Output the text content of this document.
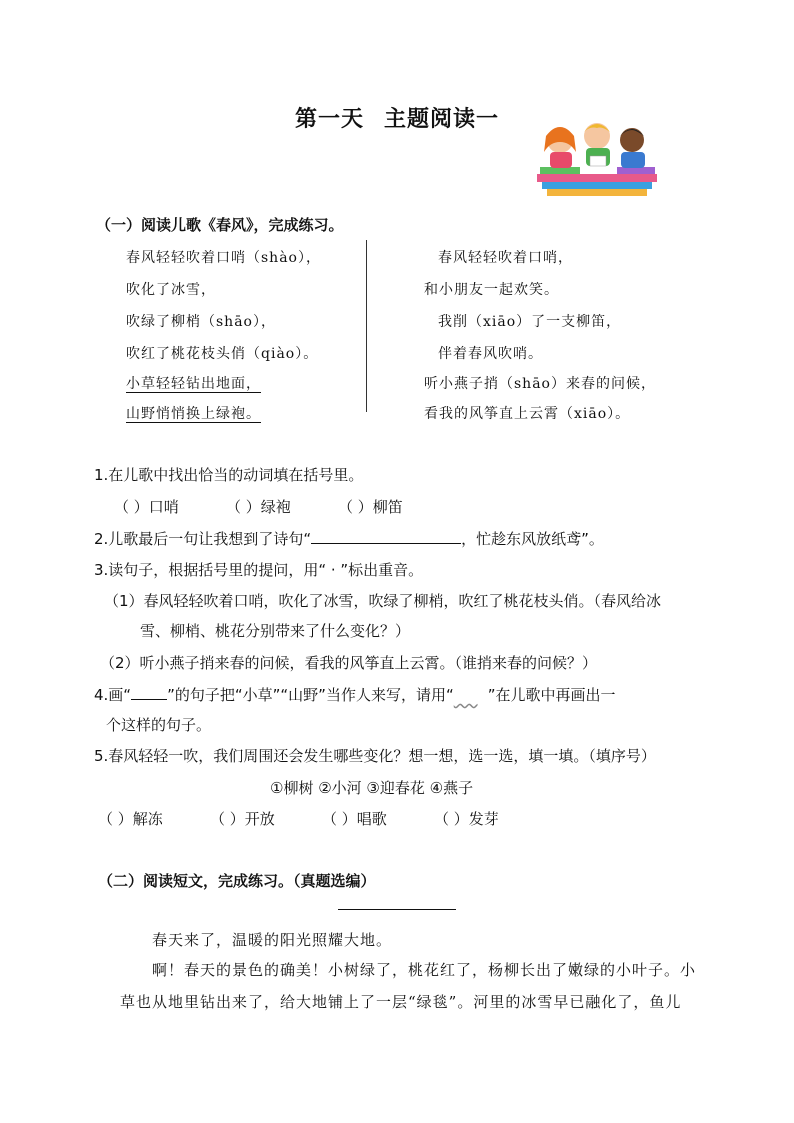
第一天 主题阅读一
（一）阅读儿歌《春风》，完成练习。
春风轻轻吹着口哨（shào），
吹化了冰雪，
吹绿了柳梢（shāo），
吹红了桃花枝头俏（qiào）。
小草轻轻钻出地面，
山野悄悄换上绿袍。
春风轻轻吹着口哨，
和小朋友一起欢笑。
我削（xiāo）了一支柳笛，
伴着春风吹哨。
听小燕子捎（shāo）来春的问候，
看我的风筝直上云霄（xiāo）。
1.在儿歌中找出恰当的动词填在括号里。
（ ）口哨	（ ）绿袍	（ ）柳笛
2.儿歌最后一句让我想到了诗句“	，忙趁东风放纸鸢”。
3.读句子，根据括号里的提问，用“ · ”标出重音。
（1）春风轻轻吹着口哨，吹化了冰雪，吹绿了柳梢，吹红了桃花枝头俏。（春风给冰
雪、柳梢、桃花分别带来了什么变化？）
（2）听小燕子捎来春的问候，看我的风筝直上云霄。（谁捎来春的问候？）
4.画“ ”的句子把“小草”“山野”当作人来写，请用“ ”在儿歌中再画出一
个这样的句子。
5.春风轻轻一吹，我们周围还会发生哪些变化？想一想，选一选，填一填。（填序号）
①柳树 ②小河 ③迎春花 ④燕子
（ ）解冻	（ ）开放	（ ）唱歌	（ ）发芽
（二）阅读短文，完成练习。（真题选编）
春天来了，温暖的阳光照耀大地。
啊！春天的景色的确美！小树绿了，桃花红了，杨柳长出了嫩绿的小叶子。小
草也从地里钻出来了，给大地铺上了一层“绿毯”。河里的冰雪早已融化了，鱼儿
